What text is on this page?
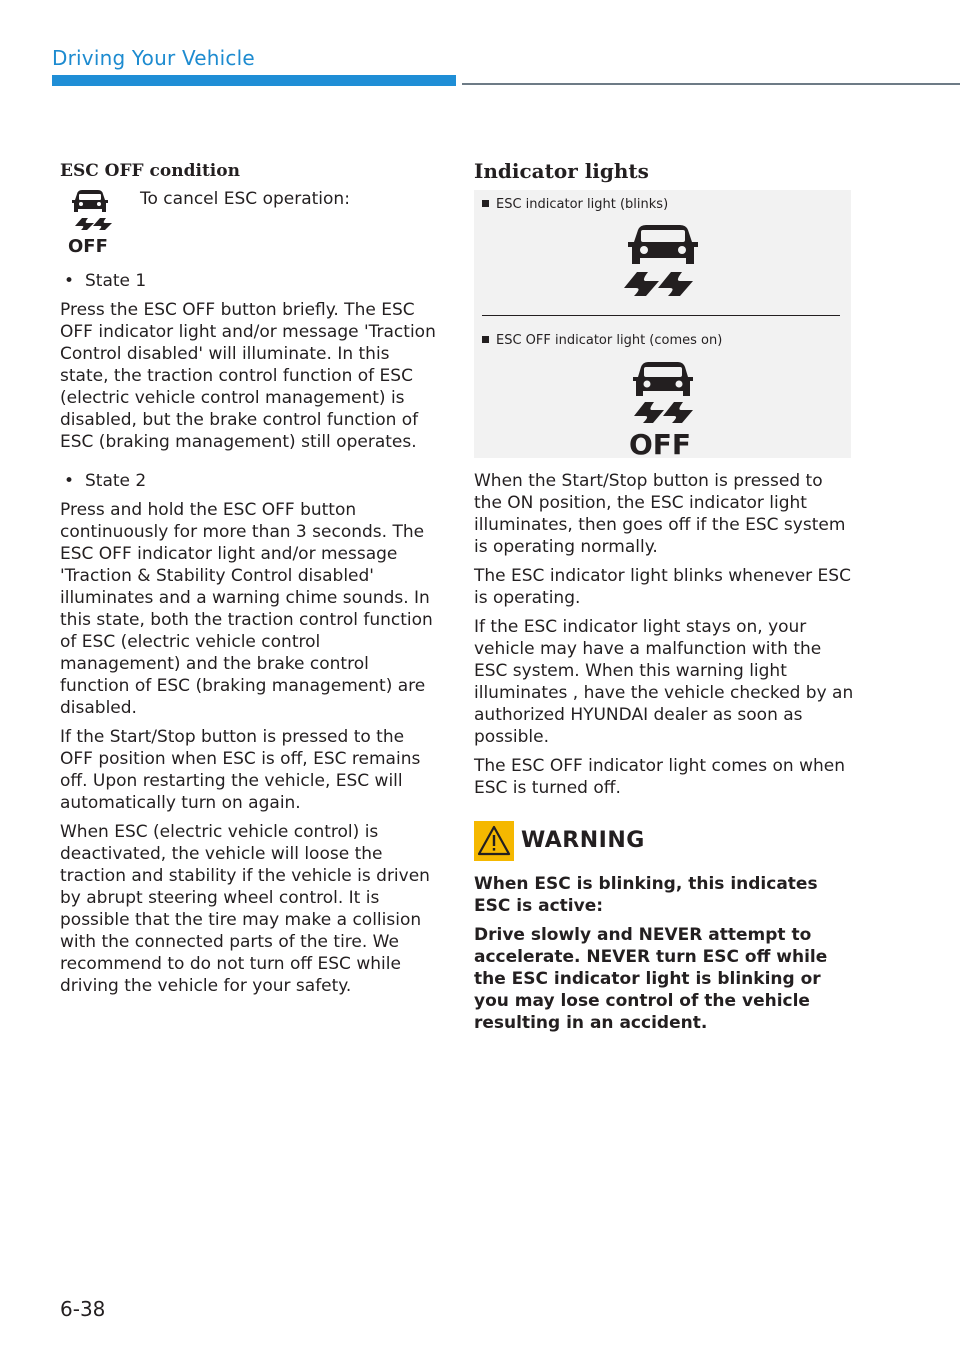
Driving Your Vehicle
ESC OFF condition
OFF
To cancel ESC operation:

• State 1

Press the ESC OFF button briefly. The ESC OFF indicator light and/or message 'Traction Control disabled' will illuminate. In this state, the traction control function of ESC (electric vehicle control management) is disabled, but the brake control function of ESC (braking management) still operates.

• State 2

Press and hold the ESC OFF button continuously for more than 3 seconds. The ESC OFF indicator light and/or message 'Traction & Stability Control disabled' illuminates and a warning chime sounds. In this state, both the traction control function of ESC (electric vehicle control management) and the brake control function of ESC (braking management) are disabled.

If the Start/Stop button is pressed to the OFF position when ESC is off, ESC remains off. Upon restarting the vehicle, ESC will automatically turn on again.

When ESC (electric vehicle control) is deactivated, the vehicle will loose the traction and stability if the vehicle is driven by abrupt steering wheel control. It is possible that the tire may make a collision with the connected parts of the tire. We recommend to do not turn off ESC while driving the vehicle for your safety.

Indicator lights
ESC indicator light (blinks)
ESC OFF indicator light (comes on)
OFF

When the Start/Stop button is pressed to the ON position, the ESC indicator light illuminates, then goes off if the ESC system is operating normally.

The ESC indicator light blinks whenever ESC is operating.

If the ESC indicator light stays on, your vehicle may have a malfunction with the ESC system. When this warning light illuminates , have the vehicle checked by an authorized HYUNDAI dealer as soon as possible.

The ESC OFF indicator light comes on when ESC is turned off.

WARNING

When ESC is blinking, this indicates ESC is active:

Drive slowly and NEVER attempt to accelerate. NEVER turn ESC off while the ESC indicator light is blinking or you may lose control of the vehicle resulting in an accident.

6-38
